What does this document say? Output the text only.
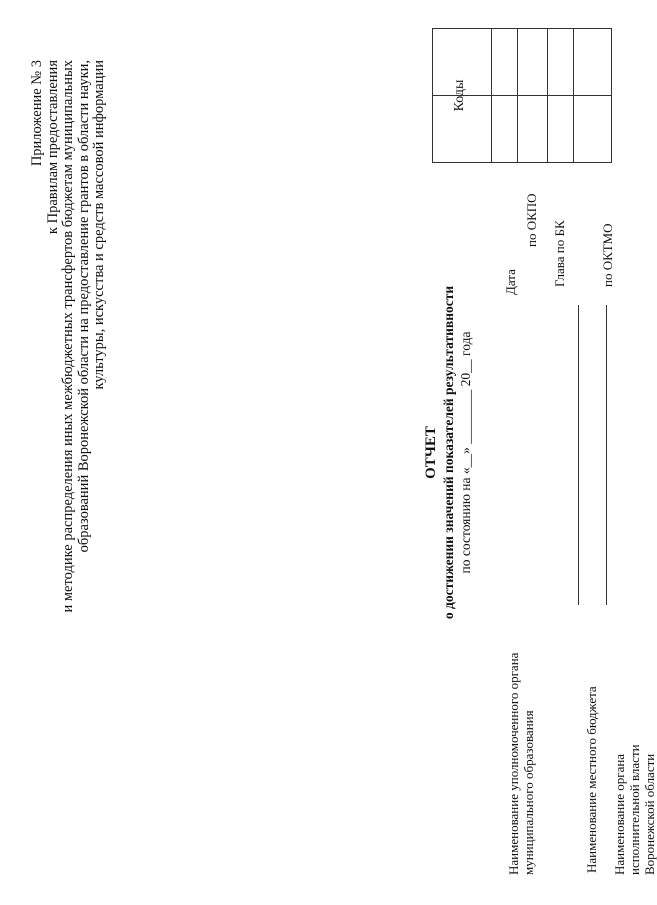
Приложение № 3 к Правилам предоставления и методике распределения иных межбюджетных трансфертов бюджетам муниципальных образований Воронежской области на предоставление грантов в области науки, культуры, искусства и средств массовой информации
ОТЧЕТ о достижении значений показателей результативности по состоянию на «__» ________ 20__ года
Наименование уполномоченного органа муниципального образования	Наименование местного бюджета Наименование органа исполнительной власти Воронежской области
Дата
по ОКПО
Глава по БК	по ОКТМО
Коды
